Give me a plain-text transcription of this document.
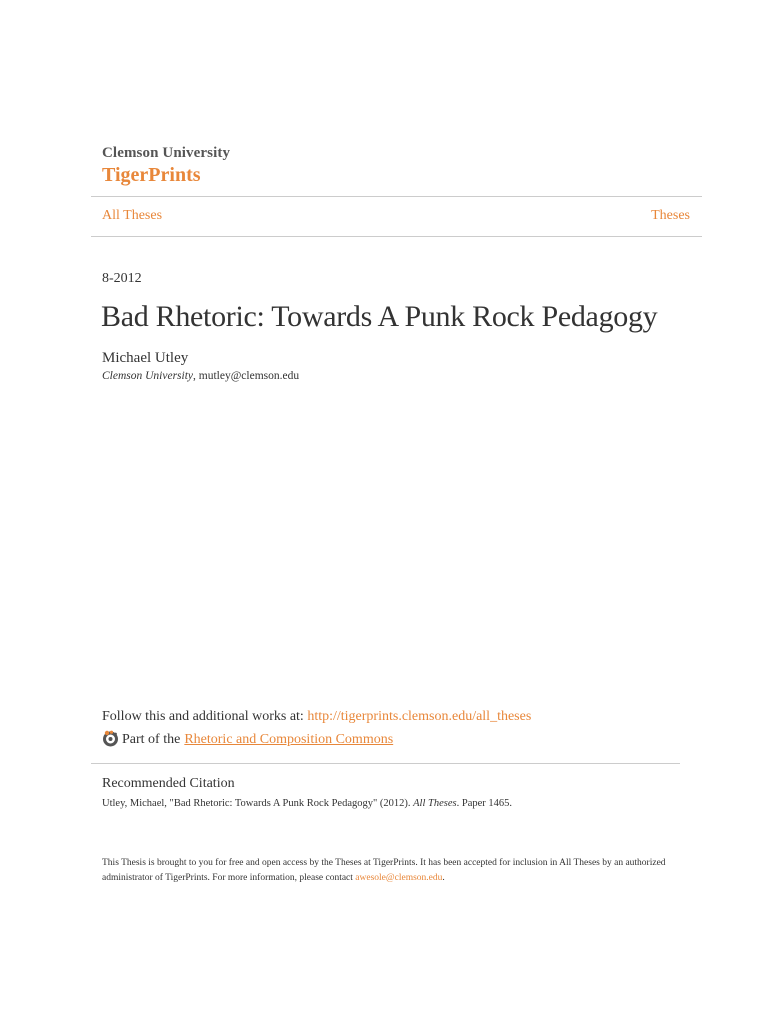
Clemson University
TigerPrints
All Theses	Theses
8-2012
Bad Rhetoric: Towards A Punk Rock Pedagogy
Michael Utley
Clemson University, mutley@clemson.edu
Follow this and additional works at: http://tigerprints.clemson.edu/all_theses
Part of the Rhetoric and Composition Commons
Recommended Citation
Utley, Michael, "Bad Rhetoric: Towards A Punk Rock Pedagogy" (2012). All Theses. Paper 1465.
This Thesis is brought to you for free and open access by the Theses at TigerPrints. It has been accepted for inclusion in All Theses by an authorized administrator of TigerPrints. For more information, please contact awesole@clemson.edu.
